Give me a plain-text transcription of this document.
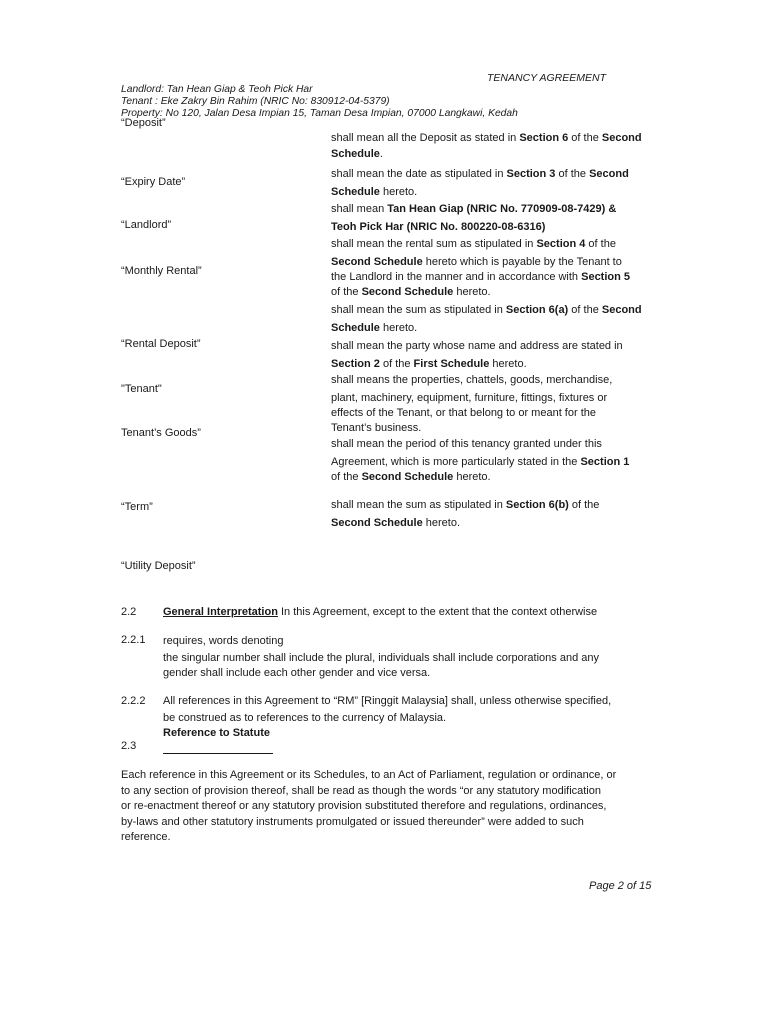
TENANCY AGREEMENT
Landlord: Tan Hean Giap & Teoh Pick Har
Tenant : Eke Zakry Bin Rahim (NRIC No: 830912-04-5379)
Property: No 120, Jalan Desa Impian 15, Taman Desa Impian, 07000 Langkawi, Kedah
“Deposit”
“Expiry Date”
“Landlord”
“Monthly Rental”
“Rental Deposit”
"Tenant"
Tenant’s Goods”
“Term”
“Utility Deposit”
shall mean all the Deposit as stated in Section 6 of the Second
Schedule.
shall mean the date as stipulated in Section 3 of the Second
Schedule hereto.
shall mean Tan Hean Giap (NRIC No. 770909-08-7429) &
Teoh Pick Har (NRIC No. 800220-08-6316)
shall mean the rental sum as stipulated in Section 4 of the
Second Schedule hereto which is payable by the Tenant to
the Landlord in the manner and in accordance with Section 5
of the Second Schedule hereto.
shall mean the sum as stipulated in Section 6(a) of the Second
Schedule hereto.
shall mean the party whose name and address are stated in
Section 2 of the First Schedule hereto.
shall means the properties, chattels, goods, merchandise,
plant, machinery, equipment, furniture, fittings, fixtures or
effects of the Tenant, or that belong to or meant for the
Tenant’s business.
shall mean the period of this tenancy granted under this
Agreement, which is more particularly stated in the Section 1
of the Second Schedule hereto.
shall mean the sum as stipulated in Section 6(b) of the
Second Schedule hereto.
2.2 General Interpretation In this Agreement, except to the extent that the context otherwise
2.2.1 requires, words denoting
the singular number shall include the plural, individuals shall include corporations and any
gender shall include each other gender and vice versa.
2.2.2 All references in this Agreement to “RM” [Ringgit Malaysia] shall, unless otherwise specified,
be construed as to references to the currency of Malaysia.
Reference to Statute
2.3
Each reference in this Agreement or its Schedules, to an Act of Parliament, regulation or ordinance, or
to any section of provision thereof, shall be read as though the words “or any statutory modification
or re-enactment thereof or any statutory provision substituted therefore and regulations, ordinances,
by-laws and other statutory instruments promulgated or issued thereunder” were added to such
reference.
Page 2 of 15
